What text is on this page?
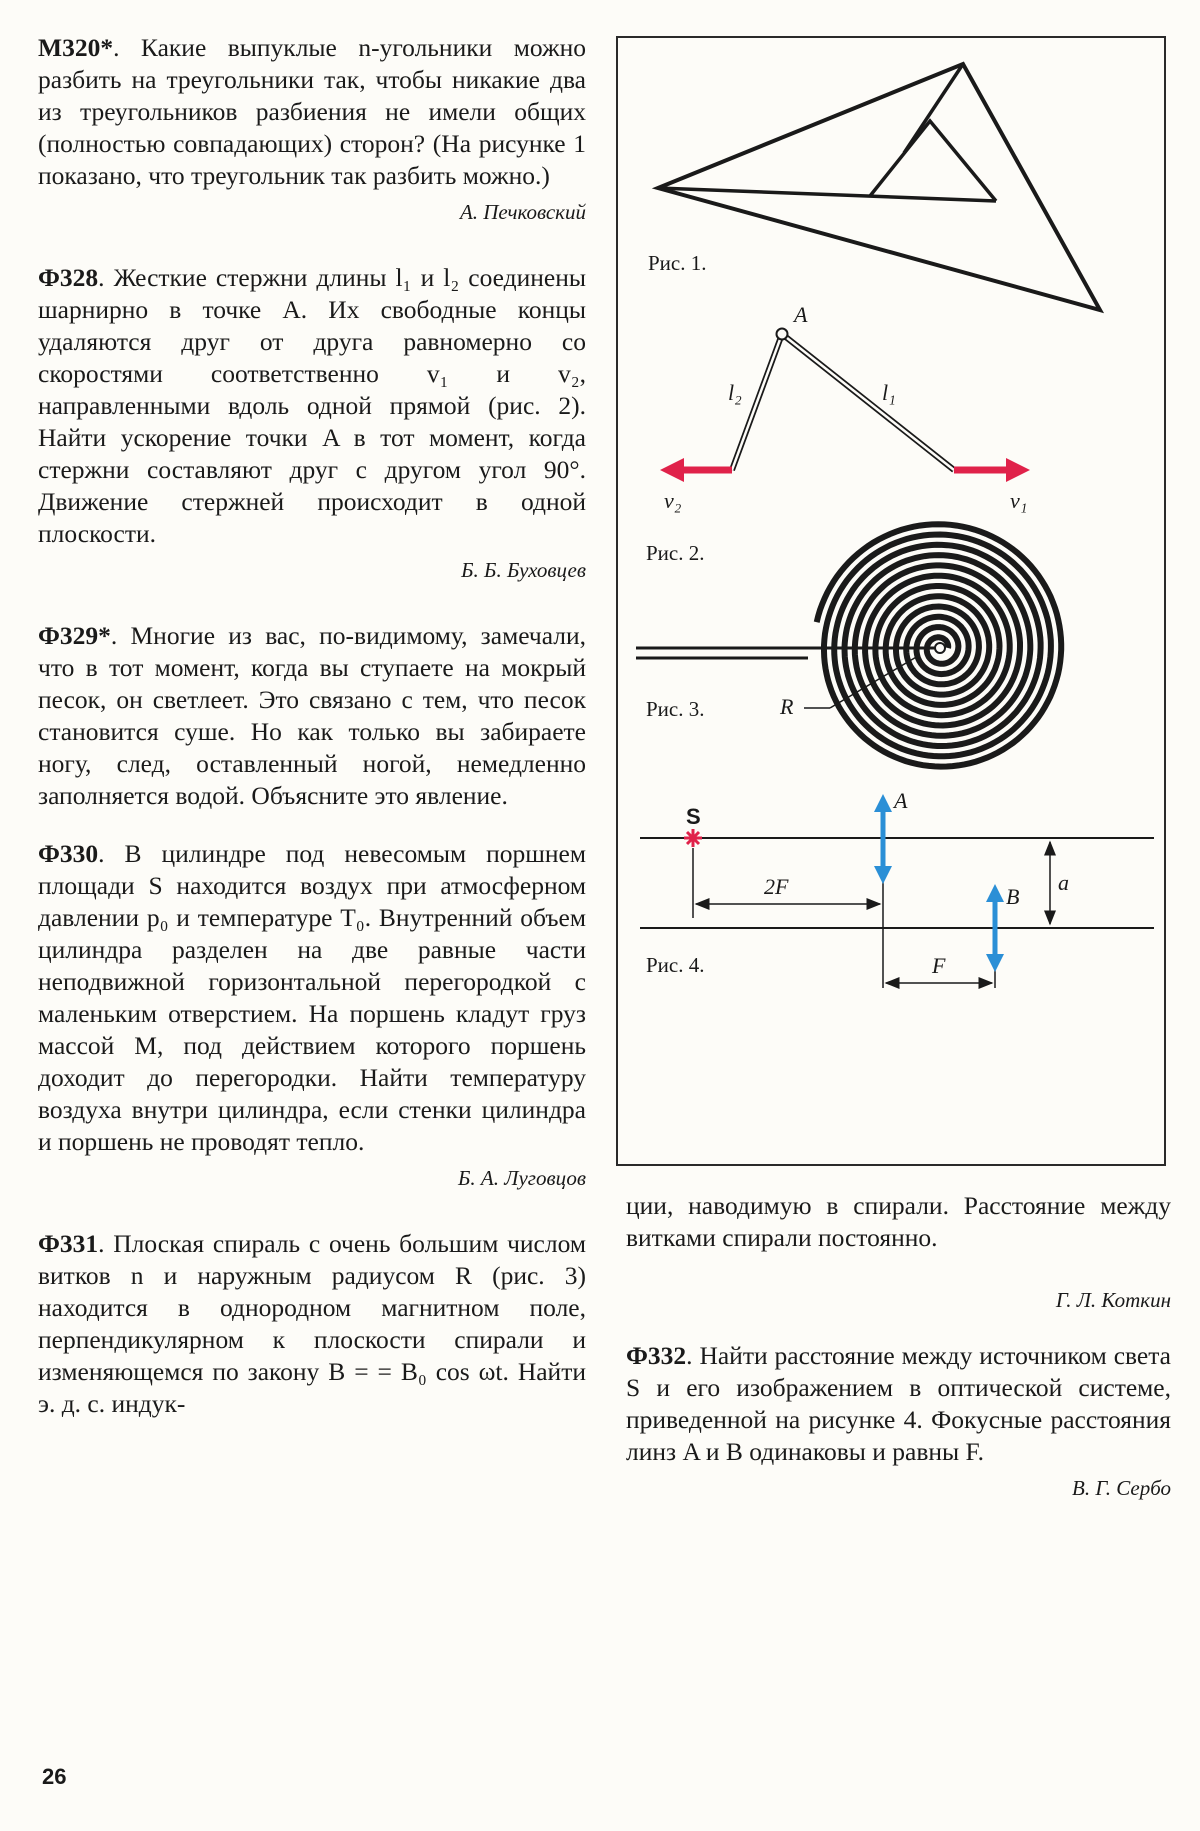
М320*. Какие выпуклые n-угольники можно разбить на треугольники так, чтобы никакие два из треугольников разбиения не имели общих (полностью совпадающих) сторон? (На рисунке 1 показано, что треугольник так разбить можно.)

А. Печковский

Ф328. Жесткие стержни длины l₁ и l₂ соединены шарнирно в точке A. Их свободные концы удаляются друг от друга равномерно со скоростями соответственно v₁ и v₂, направленными вдоль одной прямой (рис. 2). Найти ускорение точки A в тот момент, когда стержни составляют друг с другом угол 90°. Движение стержней происходит в одной плоскости.

Б. Б. Буховцев

Ф329*. Многие из вас, по-видимому, замечали, что в тот момент, когда вы ступаете на мокрый песок, он светлеет. Это связано с тем, что песок становится суше. Но как только вы забираете ногу, след, оставленный ногой, немедленно заполняется водой. Объясните это явление.

Ф330. В цилиндре под невесомым поршнем площади S находится воздух при атмосферном давлении p₀ и температуре T₀. Внутренний объем цилиндра разделен на две равные части неподвижной горизонтальной перегородкой с маленьким отверстием. На поршень кладут груз массой M, под действием которого поршень доходит до перегородки. Найти температуру воздуха внутри цилиндра, если стенки цилиндра и поршень не проводят тепло.

Б. А. Луговцов

Ф331. Плоская спираль с очень большим числом витков n и наружным радиусом R (рис. 3) находится в однородном магнитном поле, перпендикулярном к плоскости спирали и изменяющемся по закону B = = B₀ cos ωt. Найти э. д. с. индук-

Рис. 1.
A
l₂	l₁
v₂	v₁
Рис. 2.
R
Рис. 3.
S
2F
F
a
A
B
Рис. 4.

ции, наводимую в спирали. Расстояние между витками спирали постоянно.

Г. Л. Коткин

Ф332. Найти расстояние между источником света S и его изображением в оптической системе, приведенной на рисунке 4. Фокусные расстояния линз A и B одинаковы и равны F.

В. Г. Сербо

26
